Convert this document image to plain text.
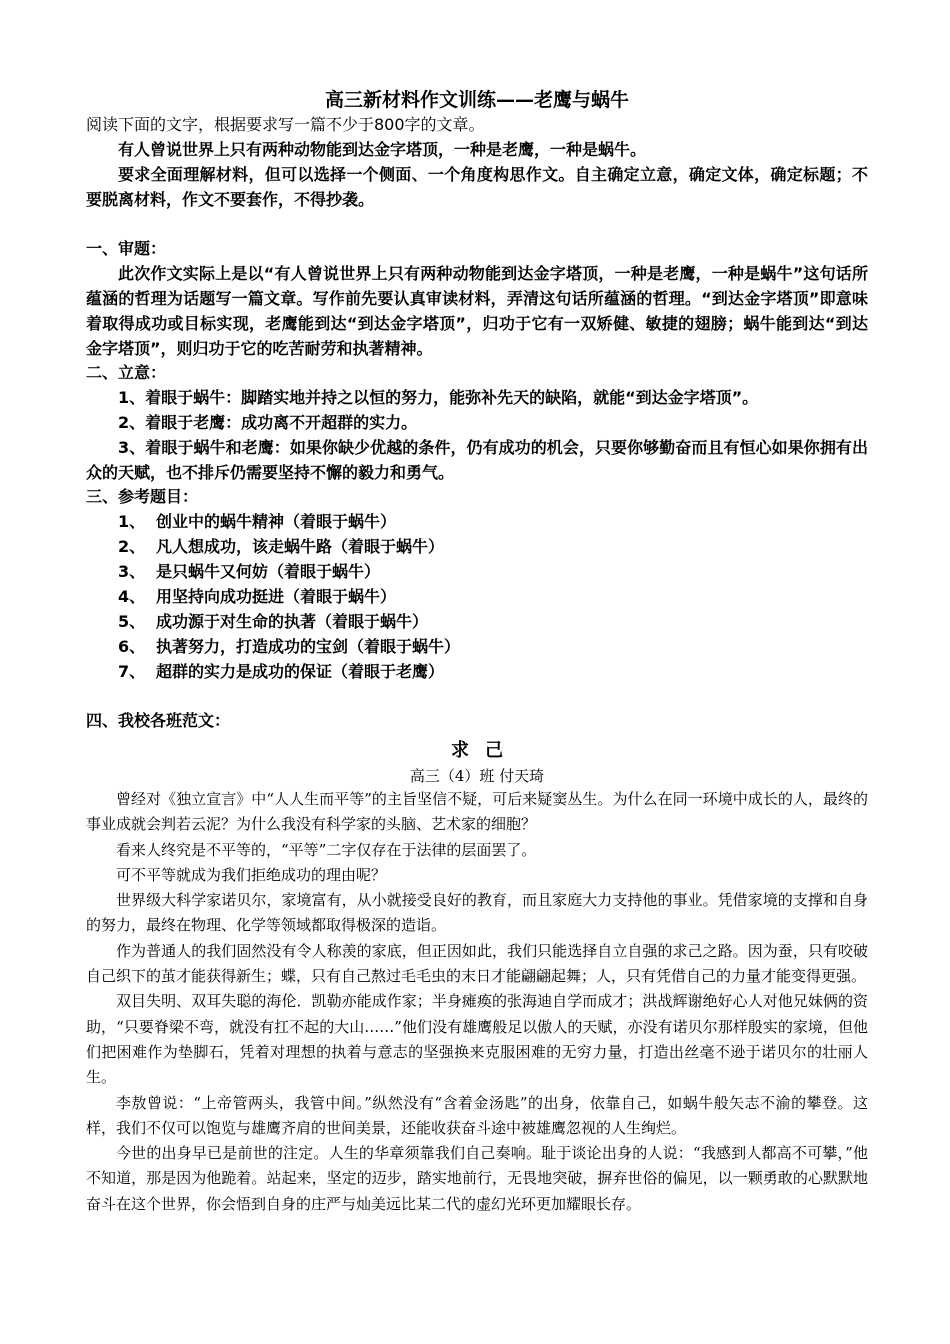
高三新材料作文训练——老鹰与蜗牛

阅读下面的文字，根据要求写一篇不少于800字的文章。

有人曾说世界上只有两种动物能到达金字塔顶，一种是老鹰，一种是蜗牛。

要求全面理解材料，但可以选择一个侧面、一个角度构思作文。自主确定立意，确定文体，确定标题；不要脱离材料，作文不要套作，不得抄袭。

一、审题：

此次作文实际上是以“有人曾说世界上只有两种动物能到达金字塔顶，一种是老鹰，一种是蜗牛”这句话所蕴涵的哲理为话题写一篇文章。写作前先要认真审读材料，弄清这句话所蕴涵的哲理。“到达金字塔顶”即意味着取得成功或目标实现，老鹰能到达“到达金字塔顶”，归功于它有一双矫健、敏捷的翅膀；蜗牛能到达“到达金字塔顶”，则归功于它的吃苦耐劳和执著精神。

二、立意：

1、着眼于蜗牛：脚踏实地并持之以恒的努力，能弥补先天的缺陷，就能“到达金字塔顶”。

2、着眼于老鹰：成功离不开超群的实力。

3、着眼于蜗牛和老鹰：如果你缺少优越的条件，仍有成功的机会，只要你够勤奋而且有恒心如果你拥有出众的天赋，也不排斥仍需要坚持不懈的毅力和勇气。

三、参考题目：

1、 创业中的蜗牛精神（着眼于蜗牛）
2、 凡人想成功，该走蜗牛路（着眼于蜗牛）
3、 是只蜗牛又何妨（着眼于蜗牛）
4、 用坚持向成功挺进（着眼于蜗牛）
5、 成功源于对生命的执著（着眼于蜗牛）
6、 执著努力，打造成功的宝剑（着眼于蜗牛）
7、 超群的实力是成功的保证（着眼于老鹰）

四、我校各班范文：

求己
高三（4）班 付天琦

曾经对《独立宣言》中“人人生而平等”的主旨坚信不疑，可后来疑窦丛生。为什么在同一环境中成长的人，最终的事业成就会判若云泥？为什么我没有科学家的头脑、艺术家的细胞？

看来人终究是不平等的，“平等”二字仅存在于法律的层面罢了。

可不平等就成为我们拒绝成功的理由呢？

世界级大科学家诺贝尔，家境富有，从小就接受良好的教育，而且家庭大力支持他的事业。凭借家境的支撑和自身的努力，最终在物理、化学等领域都取得极深的造诣。

作为普通人的我们固然没有令人称羡的家底，但正因如此，我们只能选择自立自强的求己之路。因为蚕，只有咬破自己织下的茧才能获得新生；蝶，只有自己熬过毛毛虫的末日才能翩翩起舞；人，只有凭借自己的力量才能变得更强。

双目失明、双耳失聪的海伦．凯勒亦能成作家；半身瘫痪的张海迪自学而成才；洪战辉谢绝好心人对他兄妹俩的资助，“只要脊梁不弯，就没有扛不起的大山……”他们没有雄鹰般足以傲人的天赋，亦没有诺贝尔那样殷实的家境，但他们把困难作为垫脚石，凭着对理想的执着与意志的坚强换来克服困难的无穷力量，打造出丝毫不逊于诺贝尔的壮丽人生。

李敖曾说：“上帝管两头，我管中间。”纵然没有“含着金汤匙”的出身，依靠自己，如蜗牛般矢志不渝的攀登。这样，我们不仅可以饱览与雄鹰齐肩的世间美景，还能收获奋斗途中被雄鹰忽视的人生绚烂。

今世的出身早已是前世的注定。人生的华章须靠我们自己奏响。耻于谈论出身的人说：“我感到人都高不可攀，”他不知道，那是因为他跪着。站起来，坚定的迈步，踏实地前行，无畏地突破，摒弃世俗的偏见，以一颗勇敢的心默默地奋斗在这个世界，你会悟到自身的庄严与灿美远比某二代的虚幻光环更加耀眼长存。
